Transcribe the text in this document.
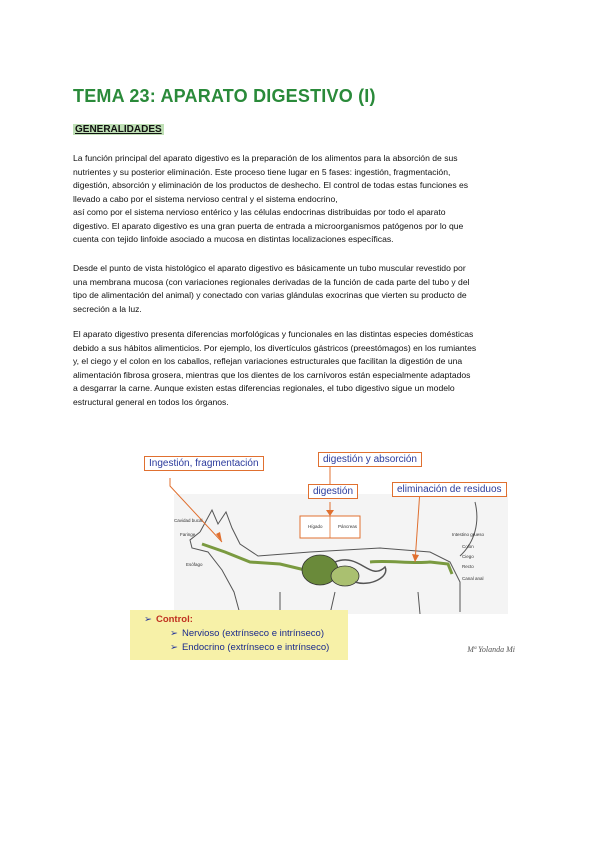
TEMA 23: APARATO DIGESTIVO (I)
GENERALIDADES
La función principal del aparato digestivo es la preparación de los alimentos para la absorción de sus
nutrientes y su posterior eliminación. Este proceso tiene lugar en 5 fases: ingestión, fragmentación,
digestión, absorción y eliminación de los productos de deshecho. El control de todas estas funciones es
llevado a cabo por el sistema nervioso central y el sistema endocrino,
así como por el sistema nervioso entérico y las células endocrinas distribuidas por todo el aparato
digestivo. El aparato digestivo es una gran puerta de entrada a microorganismos patógenos por lo que
cuenta con tejido linfoide asociado a mucosa en distintas localizaciones específicas.
Desde el punto de vista histológico el aparato digestivo es básicamente un tubo muscular revestido por
una membrana mucosa (con variaciones regionales derivadas de la función de cada parte del tubo y del
tipo de alimentación del animal) y conectado con varias glándulas exocrinas que vierten su producto de
secreción a la luz.
El aparato digestivo presenta diferencias morfológicas y funcionales en las distintas especies domésticas
debido a sus hábitos alimenticios. Por ejemplo, los divertículos gástricos (preestómagos) en los rumiantes
y, el ciego y el colon en los caballos, reflejan variaciones estructurales que facilitan la digestión de una
alimentación fibrosa grosera, mientras que los dientes de los carnívoros están especialmente adaptados
a desgarrar la carne. Aunque existen estas diferencias regionales, el tubo digestivo sigue un modelo
estructural general en todos los órganos.
Ingestión, fragmentación	digestión y absorción
digestión	eliminación de residuos
Cavidad bucal
Faringe
Esófago
Hígado	Páncreas
Intestino grueso
Colon
Ciego
Recto
Canal anal
➢ Control:
➢ Nervioso (extrínseco e intrínseco)
➢ Endocrino (extrínseco e intrínseco)	Mª Yolanda Mi
